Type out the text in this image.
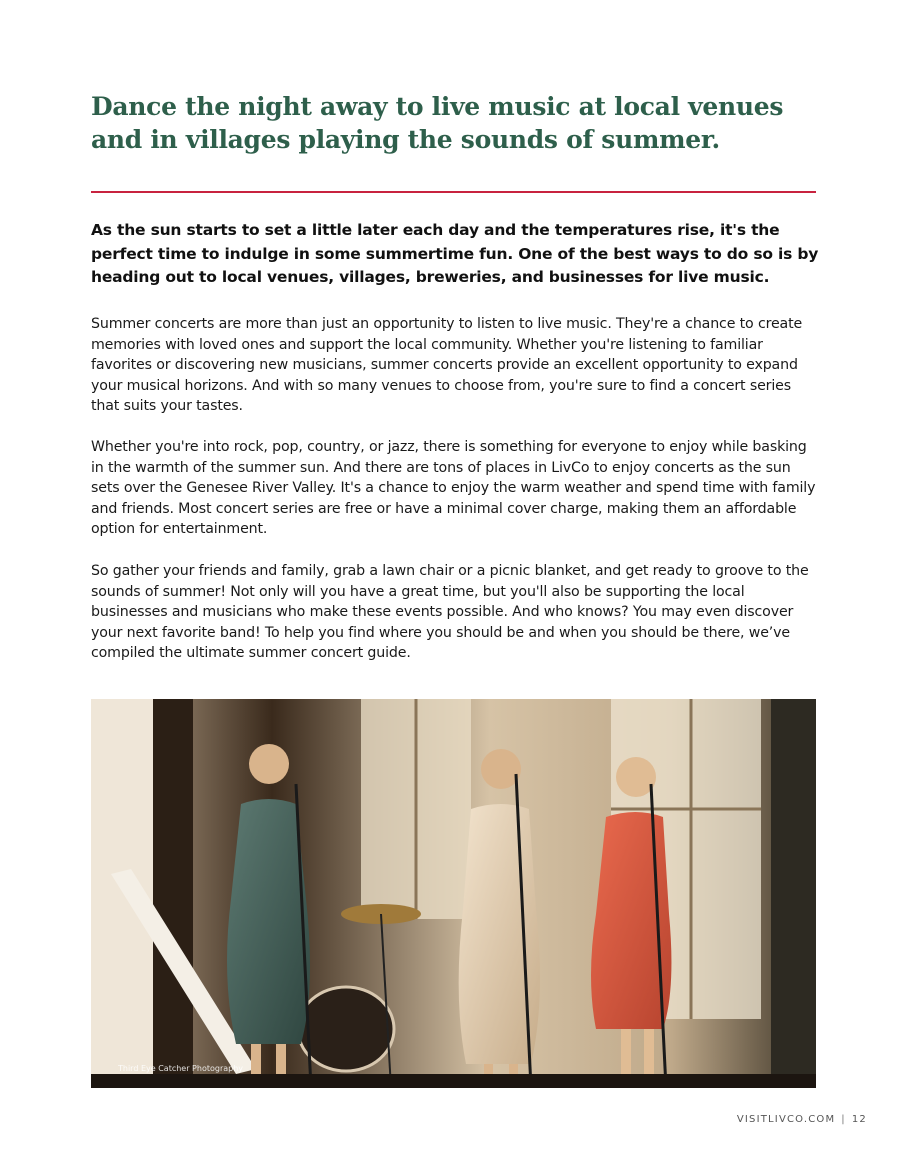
Dance the night away to live music at local venues and in villages playing the sounds of summer.

As the sun starts to set a little later each day and the temperatures rise, it's the perfect time to indulge in some summertime fun. One of the best ways to do so is by heading out to local venues, villages, breweries, and businesses for live music.

Summer concerts are more than just an opportunity to listen to live music. They're a chance to create memories with loved ones and support the local community. Whether you're listening to familiar favorites or discovering new musicians, summer concerts provide an excellent opportunity to expand your musical horizons. And with so many venues to choose from, you're sure to find a concert series that suits your tastes.

Whether you're into rock, pop, country, or jazz, there is something for everyone to enjoy while basking in the warmth of the summer sun. And there are tons of places in LivCo to enjoy concerts as the sun sets over the Genesee River Valley. It's a chance to enjoy the warm weather and spend time with family and friends. Most concert series are free or have a minimal cover charge, making them an affordable option for entertainment.

So gather your friends and family, grab a lawn chair or a picnic blanket, and get ready to groove to the sounds of summer! Not only will you have a great time, but you'll also be supporting the local businesses and musicians who make these events possible. And who knows? You may even discover your next favorite band! To help you find where you should be and when you should be there, we’ve compiled the ultimate summer concert guide.

Third Eye Catcher Photography
VISITLIVCO.COM | 12
